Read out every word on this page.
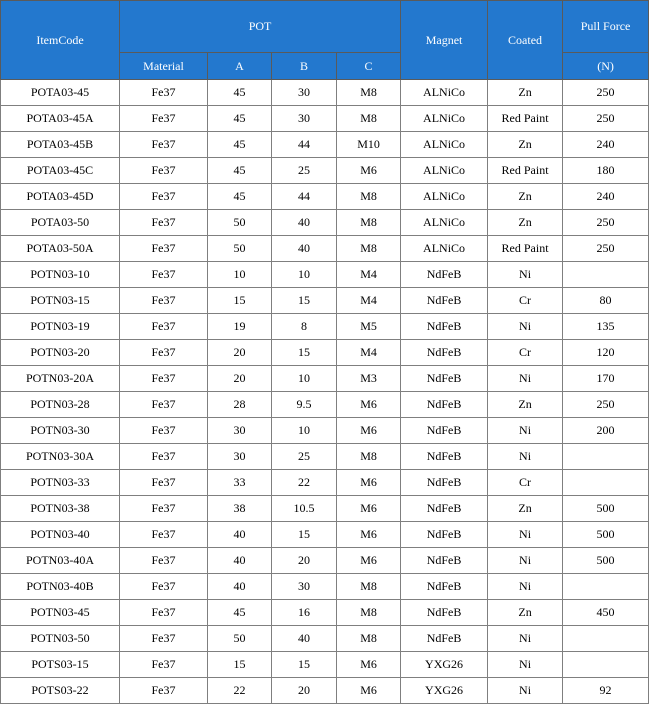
ItemCode	POT				Magnet	Coated	Pull Force
	Material	A	B	C			(N)
POTA03-45	Fe37	45	30	M8	ALNiCo	Zn	250
POTA03-45A	Fe37	45	30	M8	ALNiCo	Red Paint	250
POTA03-45B	Fe37	45	44	M10	ALNiCo	Zn	240
POTA03-45C	Fe37	45	25	M6	ALNiCo	Red Paint	180
POTA03-45D	Fe37	45	44	M8	ALNiCo	Zn	240
POTA03-50	Fe37	50	40	M8	ALNiCo	Zn	250
POTA03-50A	Fe37	50	40	M8	ALNiCo	Red Paint	250
POTN03-10	Fe37	10	10	M4	NdFeB	Ni	
POTN03-15	Fe37	15	15	M4	NdFeB	Cr	80
POTN03-19	Fe37	19	8	M5	NdFeB	Ni	135
POTN03-20	Fe37	20	15	M4	NdFeB	Cr	120
POTN03-20A	Fe37	20	10	M3	NdFeB	Ni	170
POTN03-28	Fe37	28	9.5	M6	NdFeB	Zn	250
POTN03-30	Fe37	30	10	M6	NdFeB	Ni	200
POTN03-30A	Fe37	30	25	M8	NdFeB	Ni	
POTN03-33	Fe37	33	22	M6	NdFeB	Cr	
POTN03-38	Fe37	38	10.5	M6	NdFeB	Zn	500
POTN03-40	Fe37	40	15	M6	NdFeB	Ni	500
POTN03-40A	Fe37	40	20	M6	NdFeB	Ni	500
POTN03-40B	Fe37	40	30	M8	NdFeB	Ni	
POTN03-45	Fe37	45	16	M8	NdFeB	Zn	450
POTN03-50	Fe37	50	40	M8	NdFeB	Ni	
POTS03-15	Fe37	15	15	M6	YXG26	Ni	
POTS03-22	Fe37	22	20	M6	YXG26	Ni	92
